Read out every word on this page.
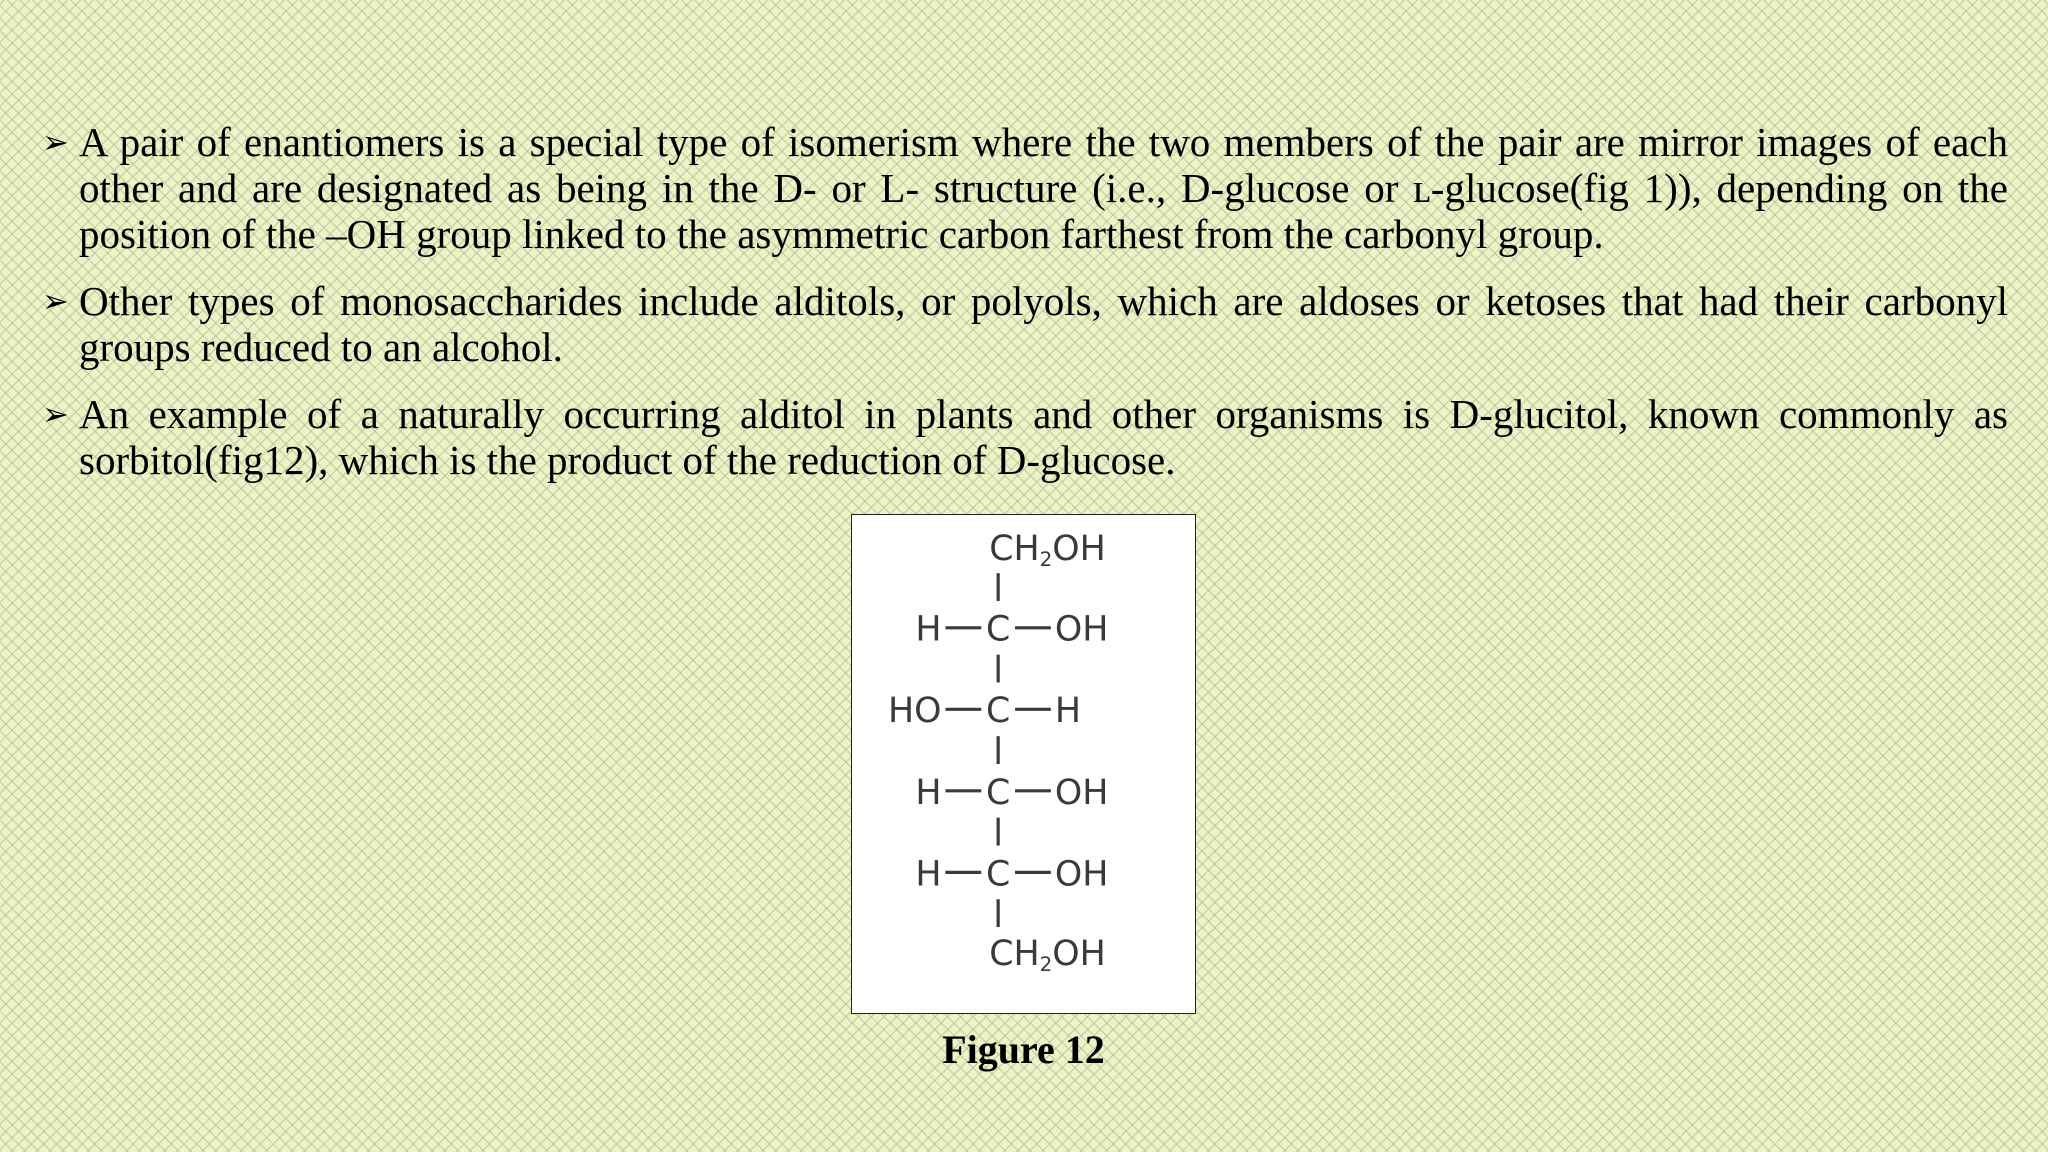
➢ A pair of enantiomers is a special type of isomerism where the two members of the pair are mirror images of each other and are designated as being in the D- or L- structure (i.e., D-glucose or ʟ-glucose(fig 1)), depending on the position of the –OH group linked to the asymmetric carbon farthest from the carbonyl group.
➢ Other types of monosaccharides include alditols, or polyols, which are aldoses or ketoses that had their carbonyl groups reduced to an alcohol.
➢ An example of a naturally occurring alditol in plants and other organisms is D-glucitol, known commonly as sorbitol(fig12), which is the product of the reduction of D-glucose.
CH2OH
H C OH
HO C H
H C OH
H C OH
CH2OH
Figure 12
